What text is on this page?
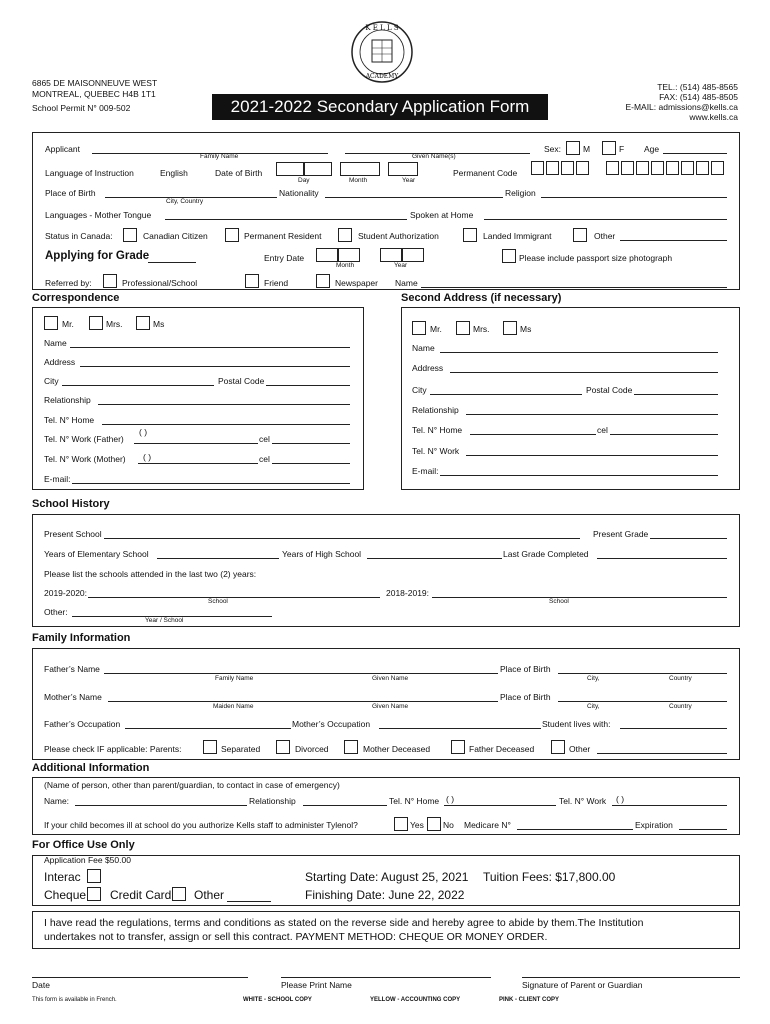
K E L L S
ACADEMY
6865 DE MAISONNEUVE WEST
MONTREAL, QUEBEC H4B 1T1
School Permit N° 009-502	2021-2022 Secondary Application Form
TEL.: (514) 485-8565
FAX: (514) 485-8505
E-MAIL: admissions@kells.ca
www.kells.ca
Applicant
Family Name	Given Name(s)
Sex:	M	F Age
Language of Instruction	English	Date of Birth
Day	Month	Year
Permanent Code
Place of Birth
City, Country
Nationality	Religion
Languages - Mother Tongue	Spoken at Home
Status in Canada:	Canadian Citizen	Permanent Resident	Student Authorization	Landed Immigrant	Other
Applying for Grade	Entry Date
Month	Year
Please include passport size photograph
Referred by:	Professional/School	Friend	Newspaper Name
Correspondence
Mr.	Mrs.	Ms
Name
Address
City	Postal Code
Relationship
Tel. N° Home
Tel. N° Work (Father)
( )
cel
Tel. N° Work (Mother) ( )	cel
E-mail:
Second Address (if necessary)
Mr.	Mrs.	Ms
Name
Address
City	Postal Code
Relationship
Tel. N° Home	cel
Tel. N° Work
E-mail:
School History
Present School	Present Grade
Years of Elementary School	Years of High School	Last Grade Completed
Please list the schools attended in the last two (2) years:
2019-2020:
School
2018-2019:
School
Other:
Year / School
Family Information
Father’s Name
Family Name	Given Name
Place of Birth
City,	Country
Mother’s Name
Maiden Name	Given Name
Place of Birth
City,	Country
Father’s Occupation	Mother’s Occupation	Student lives with:
Please check IF applicable: Parents:	Separated	Divorced	Mother Deceased	Father Deceased	Other
Additional Information
(Name of person, other than parent/guardian, to contact in case of emergency)
Name:	Relationship	Tel. N° Home ( )	Tel. N° Work ( )
If your child becomes ill at school do you authorize Kells staff to administer Tylenol?	Yes No Medicare N°	Expiration
For Office Use Only
Application Fee $50.00
Interac
Cheque Credit Card Other
Starting Date: August 25, 2021 Tuition Fees: $17,800.00
Finishing Date: June 22, 2022
I have read the regulations, terms and conditions as stated on the reverse side and hereby agree to abide by them.The Institution
undertakes not to transfer, assign or sell this contract. PAYMENT METHOD: CHEQUE OR MONEY ORDER.
Date	Please Print Name	Signature of Parent or Guardian
This form is available in French.	WHITE - SCHOOL COPY	YELLOW - ACCOUNTING COPY	PINK - CLIENT COPY
